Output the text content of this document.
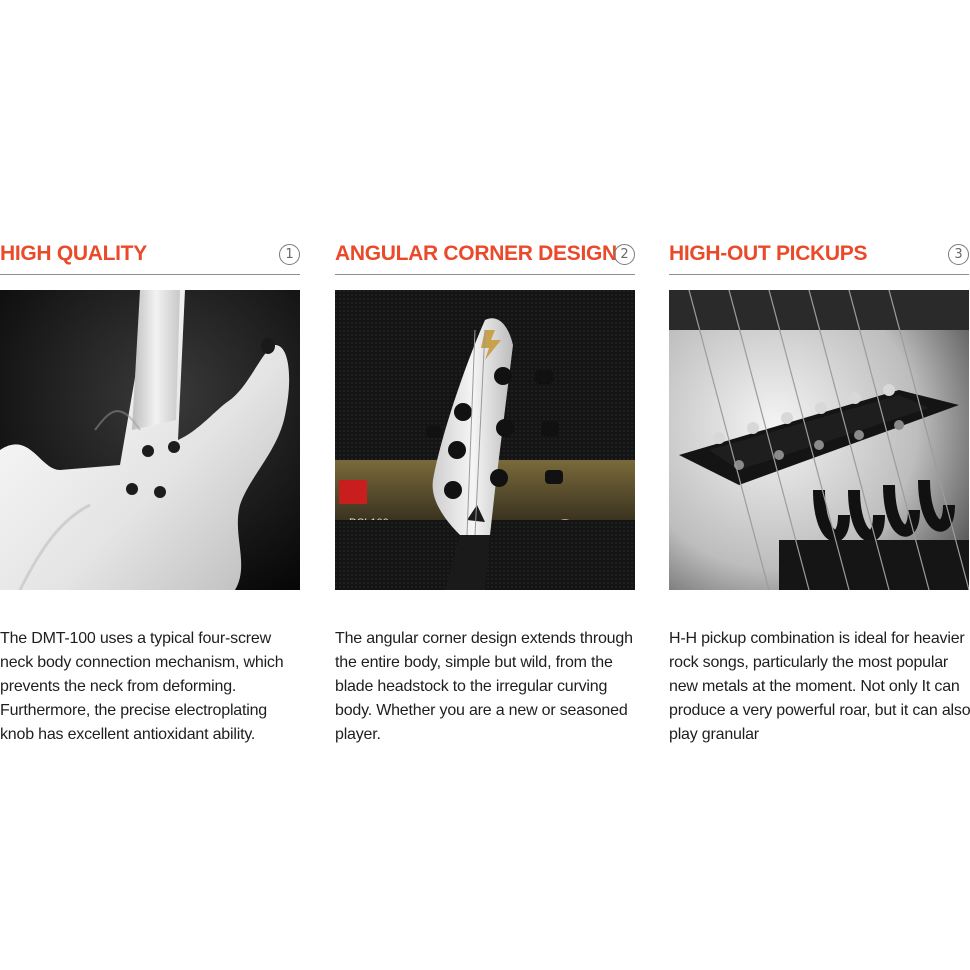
HIGH QUALITY	1

The DMT-100 uses a typical four-screw neck body connection mechanism, which prevents the neck from deforming. Furthermore, the precise electroplating knob has excellent antioxidant ability.

ANGULAR CORNER DESIGN 2

The angular corner design extends through the entire body, simple but wild, from the blade headstock to the irregular curving body. Whether you are a new or seasoned player.

HIGH-OUT PICKUPS	3

H-H pickup combination is ideal for heavier rock songs, particularly the most popular new metals at the moment. Not only It can produce a very powerful roar, but it can also play granular
